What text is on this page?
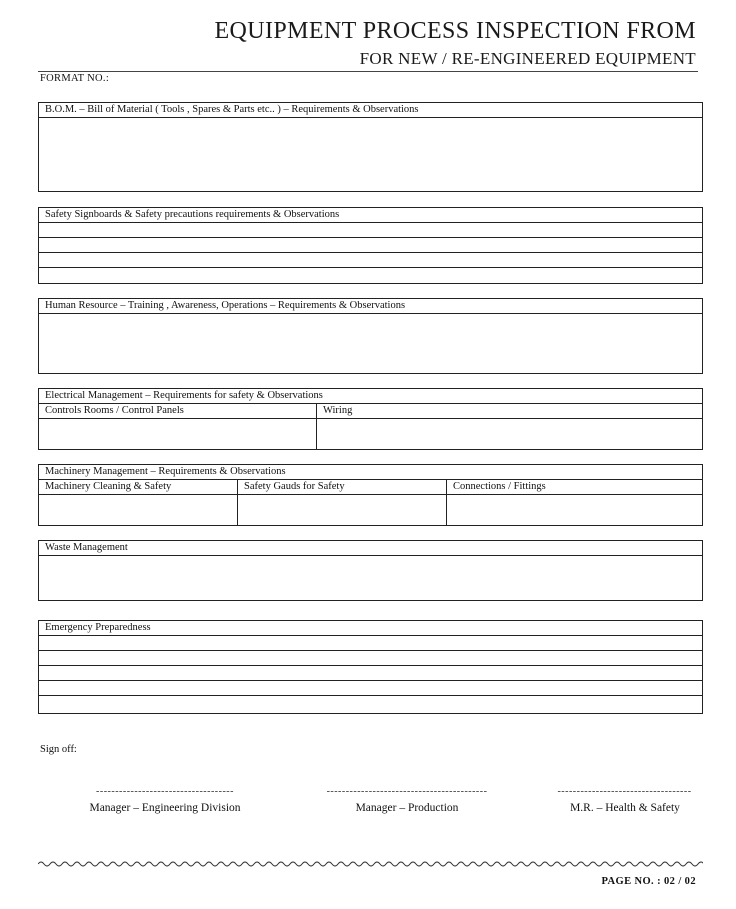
EQUIPMENT PROCESS INSPECTION FROM
FOR NEW / RE-ENGINEERED EQUIPMENT
FORMAT NO.:
B.O.M. – Bill of Material ( Tools , Spares & Parts etc.. ) – Requirements & Observations
Safety Signboards & Safety precautions requirements & Observations
Human Resource – Training , Awareness, Operations – Requirements & Observations
Electrical Management – Requirements for safety & Observations
Controls Rooms / Control Panels	Wiring
Machinery Management – Requirements & Observations
Machinery Cleaning & Safety	Safety Gauds for Safety	Connections / Fittings
Waste Management
Emergency Preparedness
Sign off:
------------------------------------
Manager – Engineering Division
------------------------------------------
Manager – Production
-----------------------------------
M.R. – Health & Safety
PAGE NO. : 02 / 02
